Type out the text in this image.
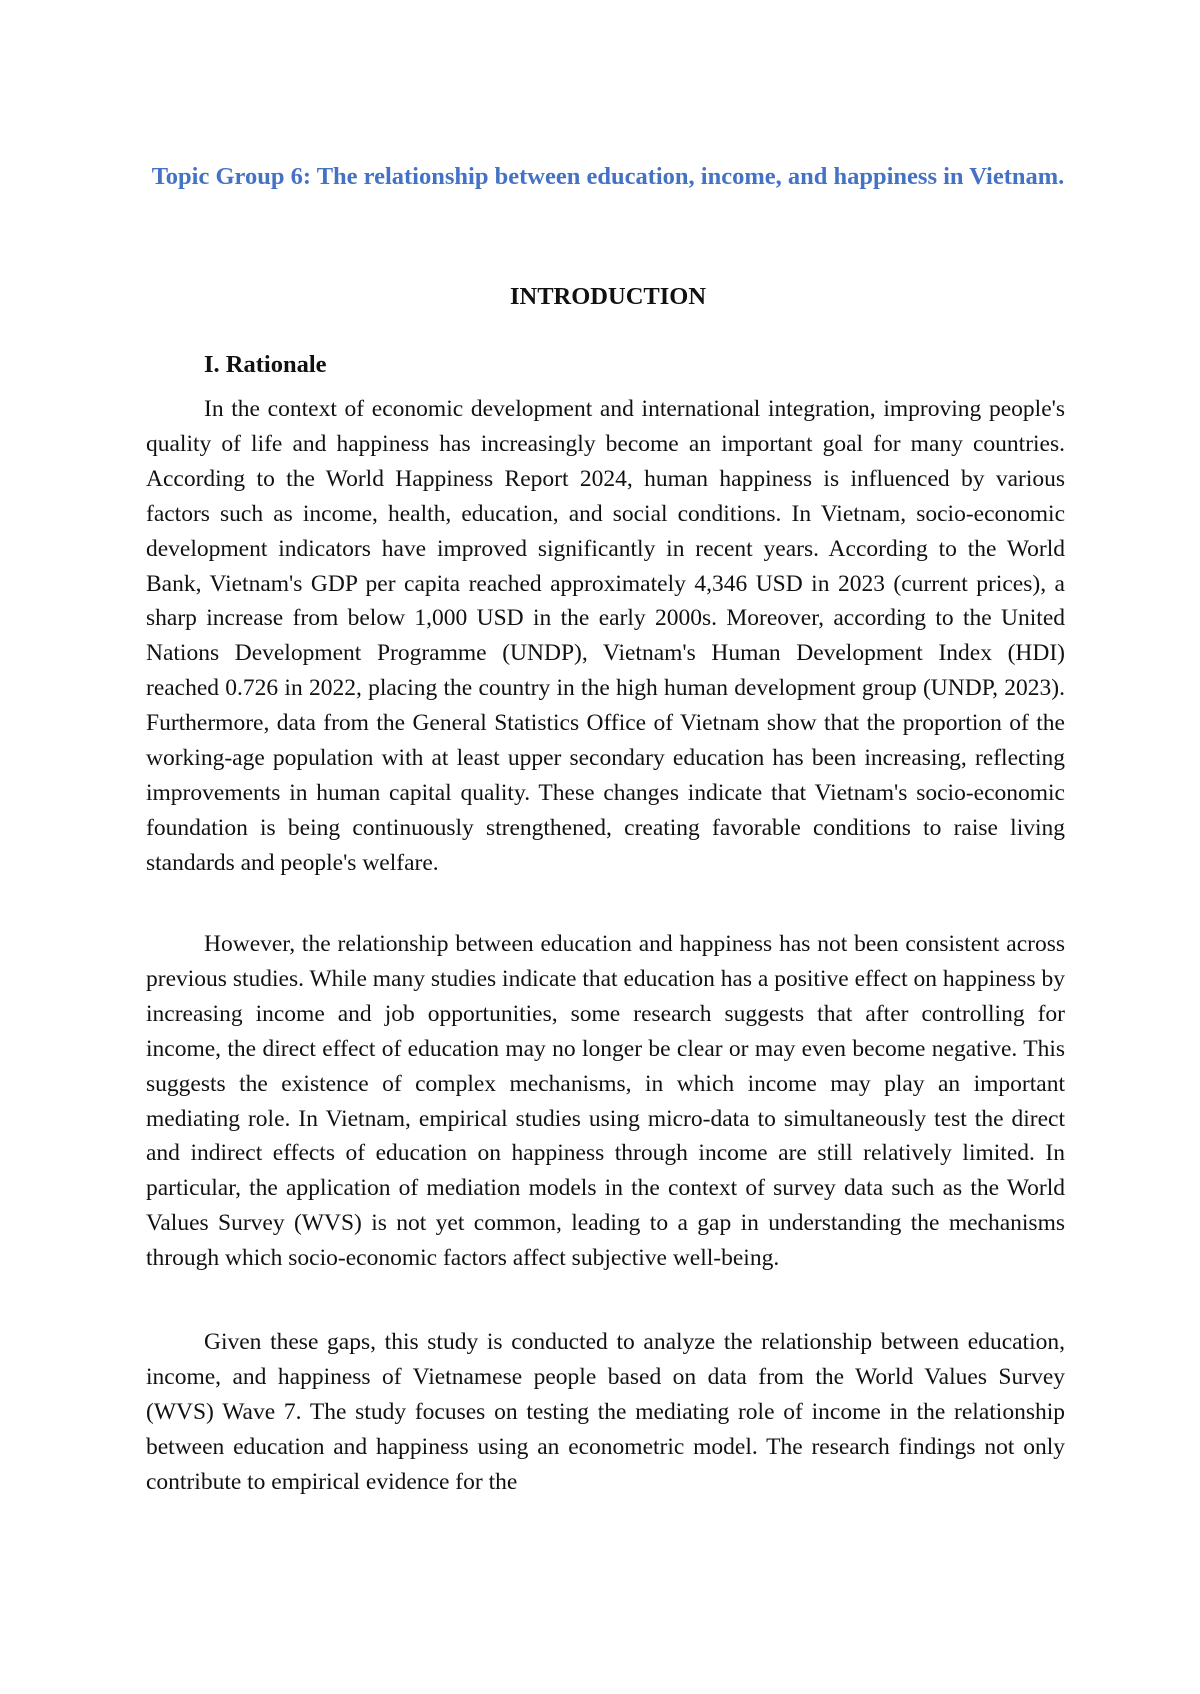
Topic Group 6: The relationship between education, income, and happiness in Vietnam.
INTRODUCTION
I. Rationale

In the context of economic development and international integration, improving people's quality of life and happiness has increasingly become an important goal for many countries. According to the World Happiness Report 2024, human happiness is influenced by various factors such as income, health, education, and social conditions. In Vietnam, socio-economic development indicators have improved significantly in recent years. According to the World Bank, Vietnam's GDP per capita reached approximately 4,346 USD in 2023 (current prices), a sharp increase from below 1,000 USD in the early 2000s. Moreover, according to the United Nations Development Programme (UNDP), Vietnam's Human Development Index (HDI) reached 0.726 in 2022, placing the country in the high human development group (UNDP, 2023). Furthermore, data from the General Statistics Office of Vietnam show that the proportion of the working-age population with at least upper secondary education has been increasing, reflecting improvements in human capital quality. These changes indicate that Vietnam's socio-economic foundation is being continuously strengthened, creating favorable conditions to raise living standards and people's welfare.

However, the relationship between education and happiness has not been consistent across previous studies. While many studies indicate that education has a positive effect on happiness by increasing income and job opportunities, some research suggests that after controlling for income, the direct effect of education may no longer be clear or may even become negative. This suggests the existence of complex mechanisms, in which income may play an important mediating role. In Vietnam, empirical studies using micro-data to simultaneously test the direct and indirect effects of education on happiness through income are still relatively limited. In particular, the application of mediation models in the context of survey data such as the World Values Survey (WVS) is not yet common, leading to a gap in understanding the mechanisms through which socio-economic factors affect subjective well-being.

Given these gaps, this study is conducted to analyze the relationship between education, income, and happiness of Vietnamese people based on data from the World Values Survey (WVS) Wave 7. The study focuses on testing the mediating role of income in the relationship between education and happiness using an econometric model. The research findings not only contribute to empirical evidence for the
